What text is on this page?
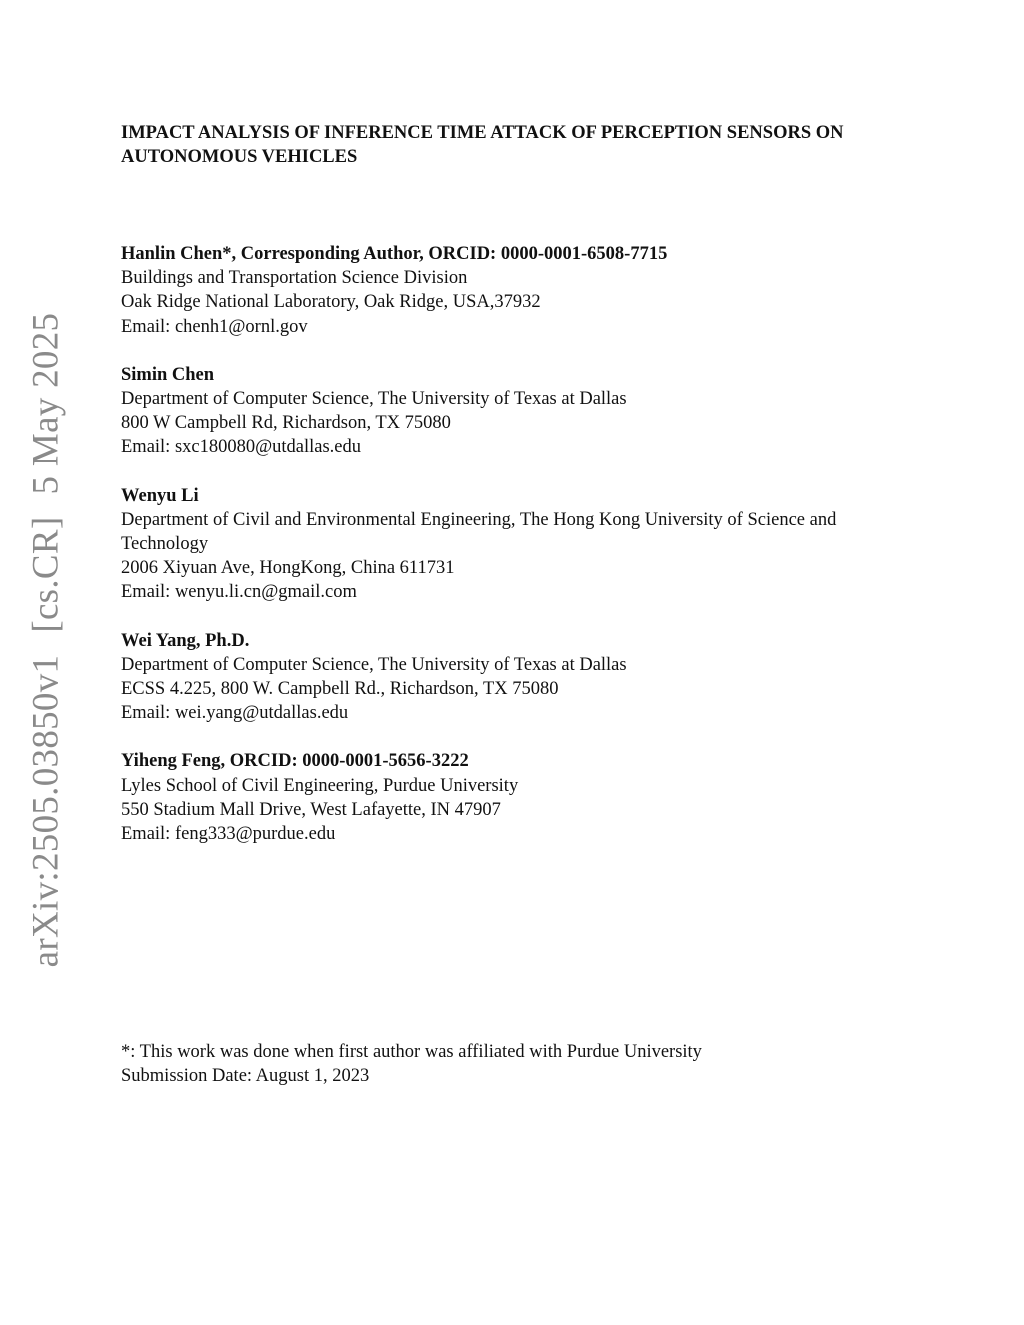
arXiv:2505.03850v1[cs.CR]5 May 2025
IMPACT ANALYSIS OF INFERENCE TIME ATTACK OF PERCEPTION SENSORS ON
AUTONOMOUS VEHICLES
Hanlin Chen*, Corresponding Author, ORCID: 0000-0001-6508-7715
Buildings and Transportation Science Division
Oak Ridge National Laboratory, Oak Ridge, USA,37932
Email: chenh1@ornl.gov
Simin Chen
Department of Computer Science, The University of Texas at Dallas
800 W Campbell Rd, Richardson, TX 75080
Email: sxc180080@utdallas.edu
Wenyu Li
Department of Civil and Environmental Engineering, The Hong Kong University of Science and
Technology
2006 Xiyuan Ave, HongKong, China 611731
Email: wenyu.li.cn@gmail.com
Wei Yang, Ph.D.
Department of Computer Science, The University of Texas at Dallas
ECSS 4.225, 800 W. Campbell Rd., Richardson, TX 75080
Email: wei.yang@utdallas.edu
Yiheng Feng, ORCID: 0000-0001-5656-3222
Lyles School of Civil Engineering, Purdue University
550 Stadium Mall Drive, West Lafayette, IN 47907
Email: feng333@purdue.edu
*: This work was done when first author was affiliated with Purdue University
Submission Date: August 1, 2023
